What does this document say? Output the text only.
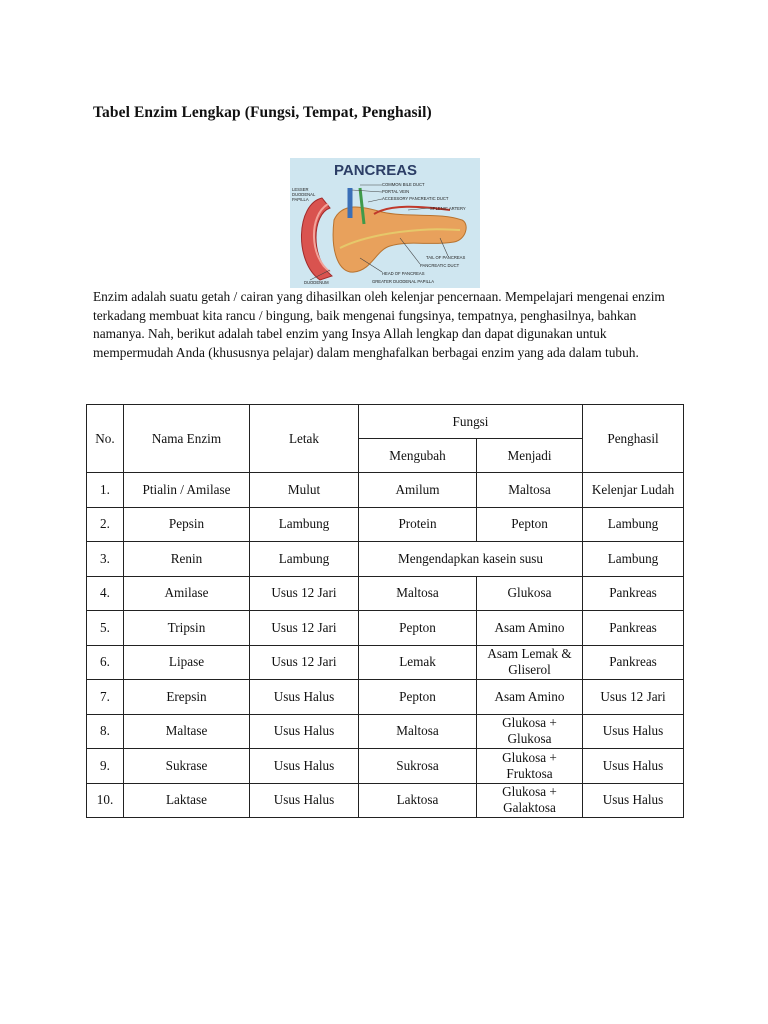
Tabel Enzim Lengkap (Fungsi, Tempat, Penghasil)
PANCREAS
LESSER
DUODENAL
PAPILLA
COMMON BILE DUCT
PORTAL VEIN
ACCESSORY PANCREATIC DUCT
SPLENIC ARTERY
TAIL OF PANCREAS
PANCREATIC DUCT
HEAD OF PANCREAS
DUODENUM	GREATER DUODENAL PAPILLA
Enzim adalah suatu getah / cairan yang dihasilkan oleh kelenjar pencernaan. Mempelajari mengenai enzim terkadang membuat kita rancu / bingung, baik mengenai fungsinya, tempatnya, penghasilnya, bahkan namanya. Nah, berikut adalah tabel enzim yang Insya Allah lengkap dan dapat digunakan untuk mempermudah Anda (khususnya pelajar) dalam menghafalkan berbagai enzim yang ada dalam tubuh.
No.	Nama Enzim	Letak	Fungsi		Penghasil
			Mengubah	Menjadi	
1.	Ptialin / Amilase	Mulut	Amilum	Maltosa	Kelenjar Ludah
2.	Pepsin	Lambung	Protein	Pepton	Lambung
3.	Renin	Lambung	Mengendapkan kasein susu		Lambung
4.	Amilase	Usus 12 Jari	Maltosa	Glukosa	Pankreas
5.	Tripsin	Usus 12 Jari	Pepton	Asam Amino	Pankreas
6.	Lipase	Usus 12 Jari	Lemak	Asam Lemak & Gliserol	Pankreas
7.	Erepsin	Usus Halus	Pepton	Asam Amino	Usus 12 Jari
8.	Maltase	Usus Halus	Maltosa	Glukosa + Glukosa	Usus Halus
9.	Sukrase	Usus Halus	Sukrosa	Glukosa + Fruktosa	Usus Halus
10.	Laktase	Usus Halus	Laktosa	Glukosa + Galaktosa	Usus Halus
